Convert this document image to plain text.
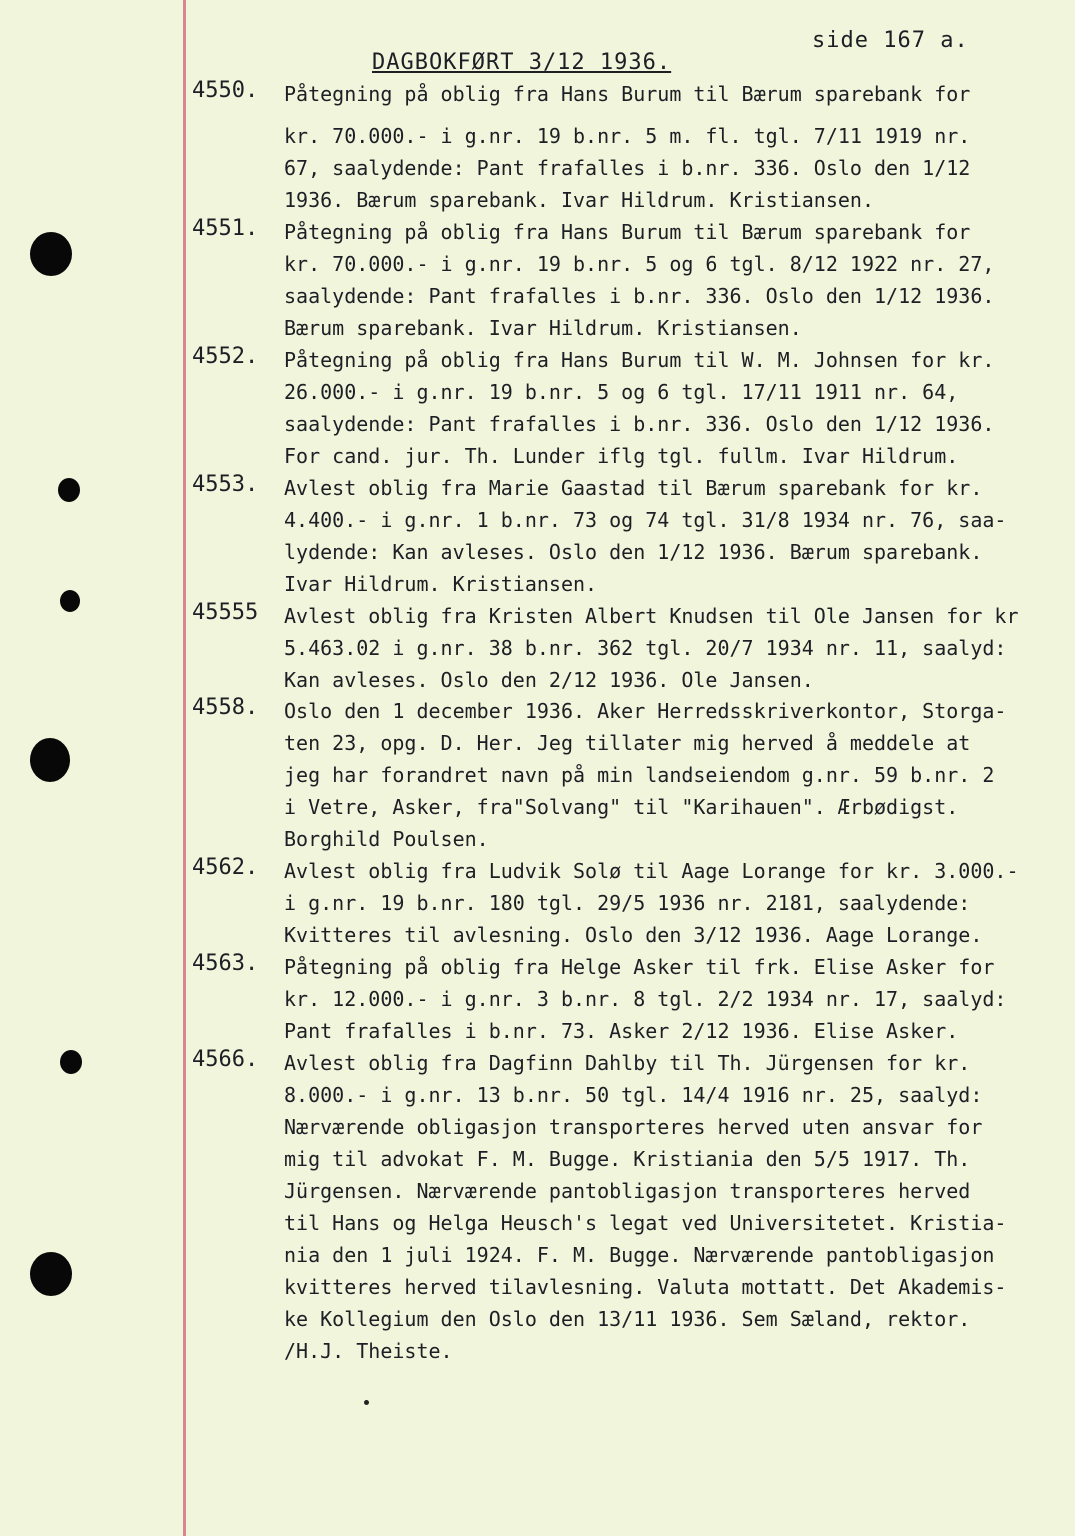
DAGBOKFØRT 3/12 1936.
side 167 a.
4550. Påtegning på oblig fra Hans Burum til Bærum sparebank for
kr. 70.000.- i g.nr. 19 b.nr. 5 m. fl. tgl. 7/11 1919 nr.
67, saalydende: Pant frafalles i b.nr. 336. Oslo den 1/12
1936. Bærum sparebank. Ivar Hildrum. Kristiansen.
4551. Påtegning på oblig fra Hans Burum til Bærum sparebank for
kr. 70.000.- i g.nr. 19 b.nr. 5 og 6 tgl. 8/12 1922 nr. 27,
saalydende: Pant frafalles i b.nr. 336. Oslo den 1/12 1936.
Bærum sparebank. Ivar Hildrum. Kristiansen.
4552. Påtegning på oblig fra Hans Burum til W. M. Johnsen for kr.
26.000.- i g.nr. 19 b.nr. 5 og 6 tgl. 17/11 1911 nr. 64,
saalydende: Pant frafalles i b.nr. 336. Oslo den 1/12 1936.
For cand. jur. Th. Lunder iflg tgl. fullm. Ivar Hildrum.
4553. Avlest oblig fra Marie Gaastad til Bærum sparebank for kr.
4.400.- i g.nr. 1 b.nr. 73 og 74 tgl. 31/8 1934 nr. 76, saa-
lydende: Kan avleses. Oslo den 1/12 1936. Bærum sparebank.
Ivar Hildrum. Kristiansen.
45555 Avlest oblig fra Kristen Albert Knudsen til Ole Jansen for kr
5.463.02 i g.nr. 38 b.nr. 362 tgl. 20/7 1934 nr. 11, saalyd:
Kan avleses. Oslo den 2/12 1936. Ole Jansen.
4558. Oslo den 1 december 1936. Aker Herredsskriverkontor, Storga-
ten 23, opg. D. Her. Jeg tillater mig herved å meddele at
jeg har forandret navn på min landseiendom g.nr. 59 b.nr. 2
i Vetre, Asker, fra"Solvang" til "Karihauen". Ærbødigst.
Borghild Poulsen.
4562. Avlest oblig fra Ludvik Solø til Aage Lorange for kr. 3.000.-
i g.nr. 19 b.nr. 180 tgl. 29/5 1936 nr. 2181, saalydende:
Kvitteres til avlesning. Oslo den 3/12 1936. Aage Lorange.
4563. Påtegning på oblig fra Helge Asker til frk. Elise Asker for
kr. 12.000.- i g.nr. 3 b.nr. 8 tgl. 2/2 1934 nr. 17, saalyd:
Pant frafalles i b.nr. 73. Asker 2/12 1936. Elise Asker.
4566. Avlest oblig fra Dagfinn Dahlby til Th. Jürgensen for kr.
8.000.- i g.nr. 13 b.nr. 50 tgl. 14/4 1916 nr. 25, saalyd:
Nærværende obligasjon transporteres herved uten ansvar for
mig til advokat F. M. Bugge. Kristiania den 5/5 1917. Th.
Jürgensen. Nærværende pantobligasjon transporteres herved
til Hans og Helga Heusch's legat ved Universitetet. Kristia-
nia den 1 juli 1924. F. M. Bugge. Nærværende pantobligasjon
kvitteres herved tilavlesning. Valuta mottatt. Det Akademis-
ke Kollegium den Oslo den 13/11 1936. Sem Sæland, rektor.
/H.J. Theiste.
